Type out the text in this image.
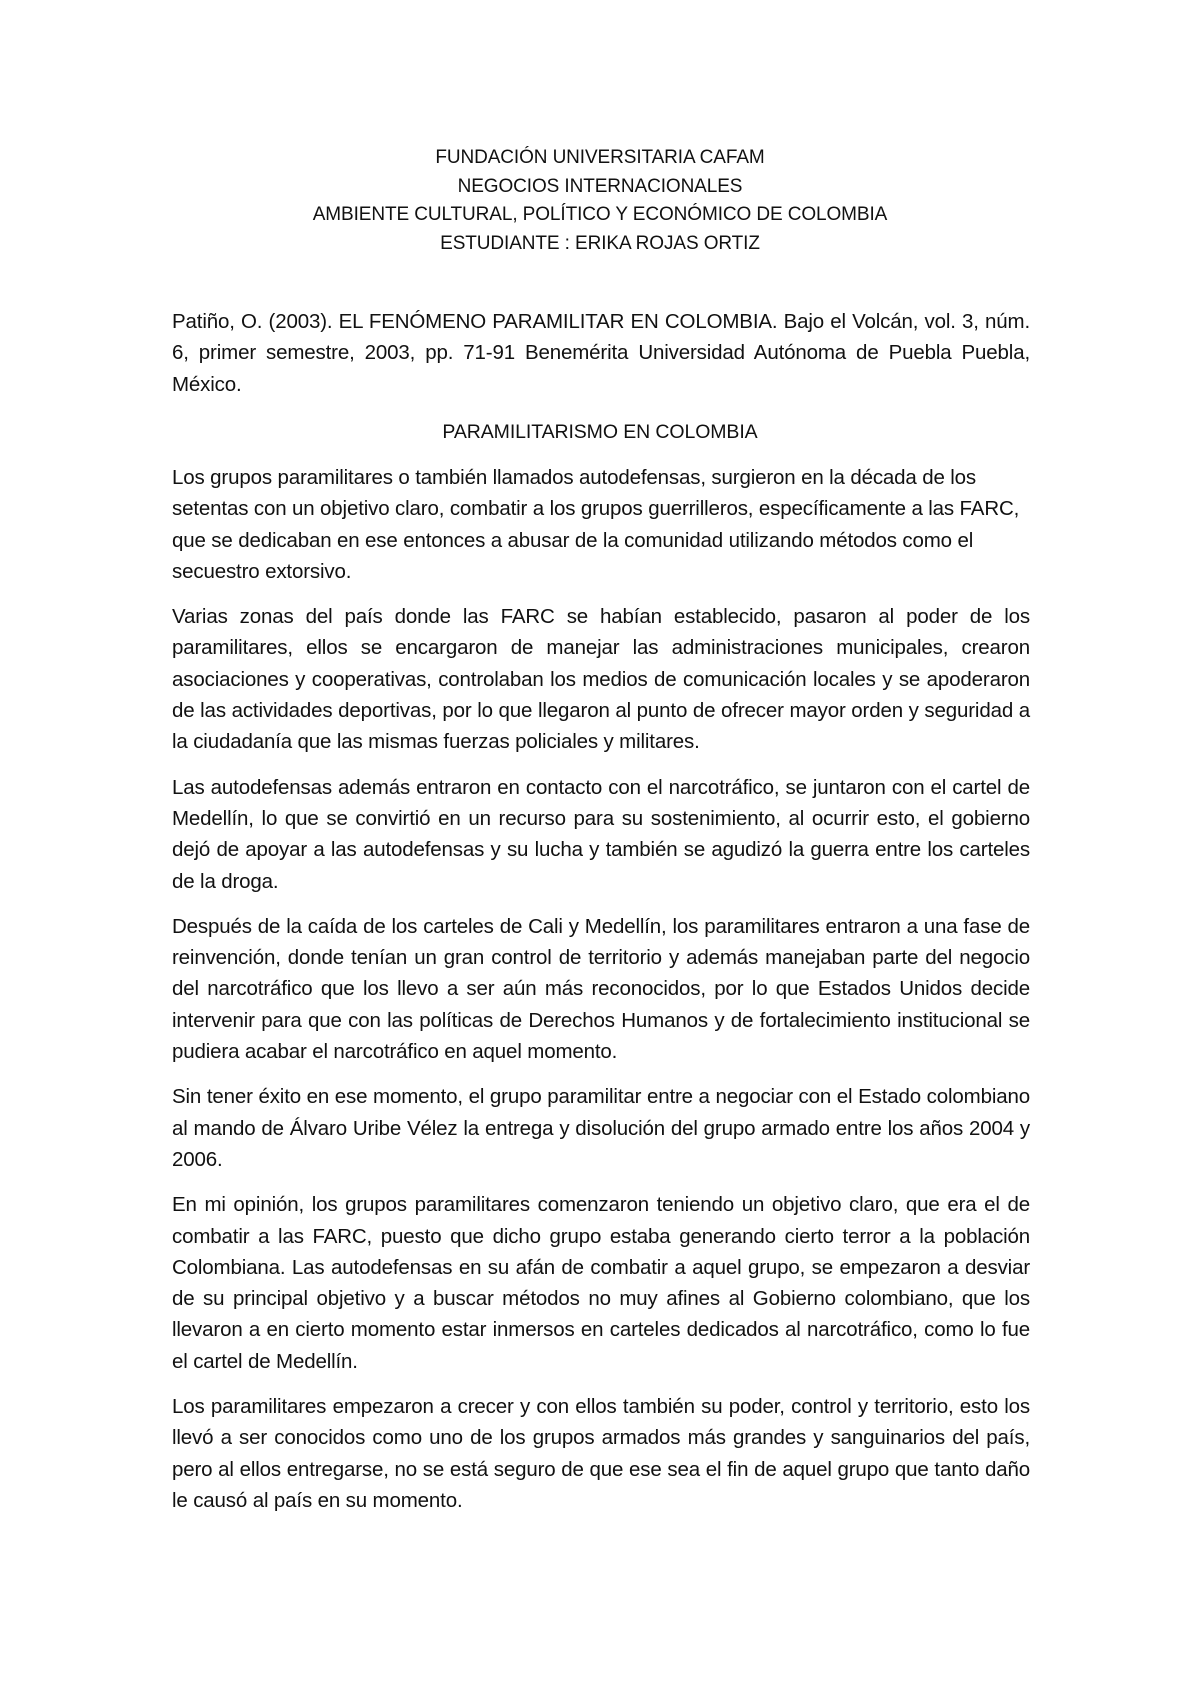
FUNDACIÓN UNIVERSITARIA CAFAM
NEGOCIOS INTERNACIONALES
AMBIENTE CULTURAL, POLÍTICO Y ECONÓMICO DE COLOMBIA
ESTUDIANTE : ERIKA ROJAS ORTIZ
Patiño, O. (2003). EL FENÓMENO PARAMILITAR EN COLOMBIA. Bajo el Volcán, vol. 3, núm. 6, primer semestre, 2003, pp. 71-91 Benemérita Universidad Autónoma de Puebla Puebla, México.
PARAMILITARISMO EN COLOMBIA

Los grupos paramilitares o también llamados autodefensas, surgieron en la década de los setentas con un objetivo claro, combatir a los grupos guerrilleros, específicamente a las FARC, que se dedicaban en ese entonces a abusar de la comunidad utilizando métodos como el secuestro extorsivo.

Varias zonas del país donde las FARC se habían establecido, pasaron al poder de los paramilitares, ellos se encargaron de manejar las administraciones municipales, crearon asociaciones y cooperativas, controlaban los medios de comunicación locales y se apoderaron de las actividades deportivas, por lo que llegaron al punto de ofrecer mayor orden y seguridad a la ciudadanía que las mismas fuerzas policiales y militares.

Las autodefensas además entraron en contacto con el narcotráfico, se juntaron con el cartel de Medellín, lo que se convirtió en un recurso para su sostenimiento, al ocurrir esto, el gobierno dejó de apoyar a las autodefensas y su lucha y también se agudizó la guerra entre los carteles de la droga.

Después de la caída de los carteles de Cali y Medellín, los paramilitares entraron a una fase de reinvención, donde tenían un gran control de territorio y además manejaban parte del negocio del narcotráfico que los llevo a ser aún más reconocidos, por lo que Estados Unidos decide intervenir para que con las políticas de Derechos Humanos y de fortalecimiento institucional se pudiera acabar el narcotráfico en aquel momento.

Sin tener éxito en ese momento, el grupo paramilitar entre a negociar con el Estado colombiano al mando de Álvaro Uribe Vélez la entrega y disolución del grupo armado entre los años 2004 y 2006.

En mi opinión, los grupos paramilitares comenzaron teniendo un objetivo claro, que era el de combatir a las FARC, puesto que dicho grupo estaba generando cierto terror a la población Colombiana. Las autodefensas en su afán de combatir a aquel grupo, se empezaron a desviar de su principal objetivo y a buscar métodos no muy afines al Gobierno colombiano, que los llevaron a en cierto momento estar inmersos en carteles dedicados al narcotráfico, como lo fue el cartel de Medellín.

Los paramilitares empezaron a crecer y con ellos también su poder, control y territorio, esto los llevó a ser conocidos como uno de los grupos armados más grandes y sanguinarios del país, pero al ellos entregarse, no se está seguro de que ese sea el fin de aquel grupo que tanto daño le causó al país en su momento.
